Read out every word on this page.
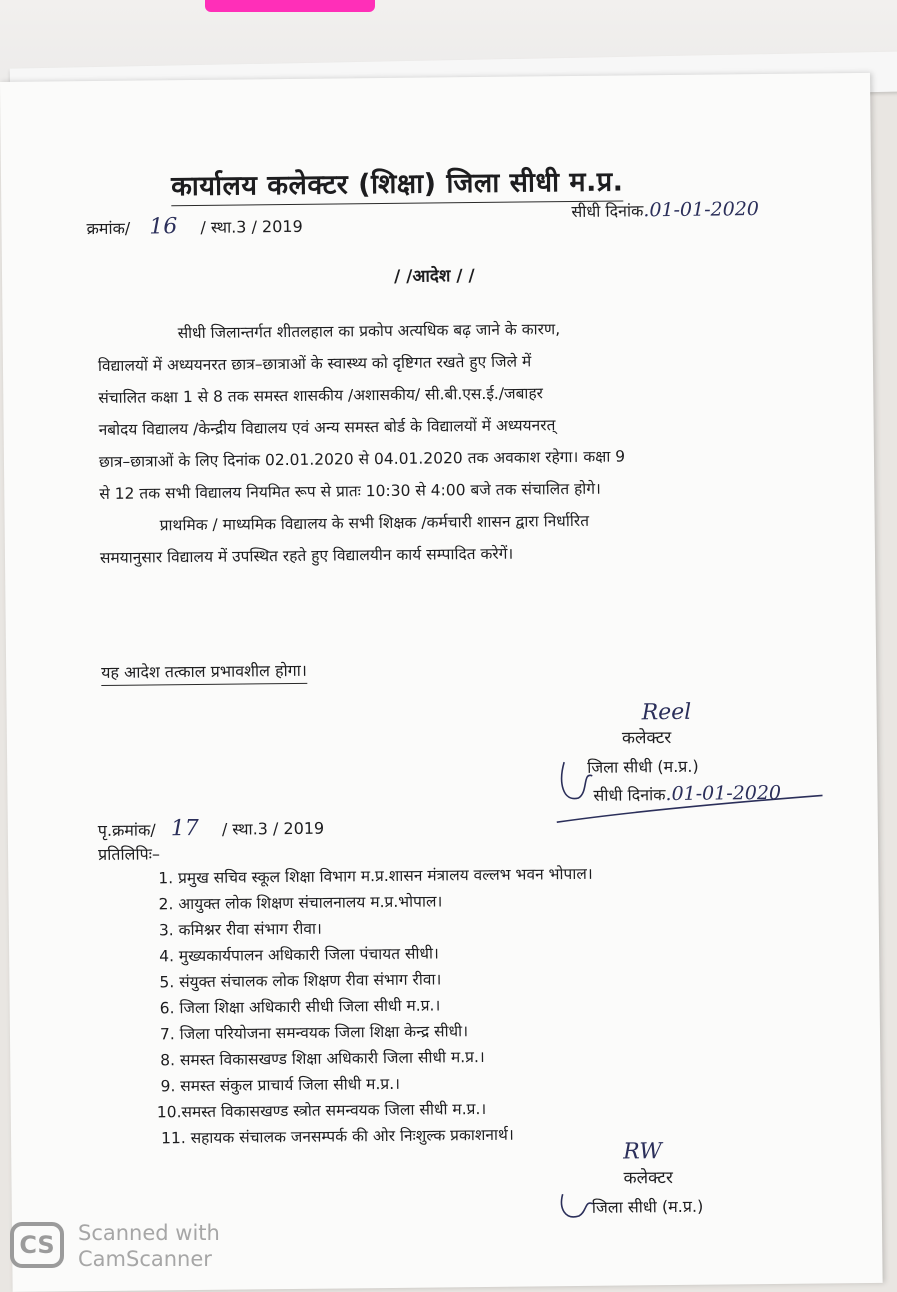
कार्यालय कलेक्टर (शिक्षा) जिला सीधी म.प्र.
क्रमांक/ 16 / स्था.3 / 2019
सीधी दिनांक.01-01-2020
/ /आदेश / /
सीधी जिलान्तर्गत शीतलहाल का प्रकोप अत्यधिक बढ़ जाने के कारण,
विद्यालयों में अध्ययनरत छात्र–छात्राओं के स्वास्थ्य को दृष्टिगत रखते हुए जिले में
संचालित कक्षा 1 से 8 तक समस्त शासकीय /अशासकीय/ सी.बी.एस.ई./जबाहर
नबोदय विद्यालय /केन्द्रीय विद्यालय एवं अन्य समस्त बोर्ड के विद्यालयों में अध्ययनरत्
छात्र–छात्राओं के लिए दिनांक 02.01.2020 से 04.01.2020 तक अवकाश रहेगा। कक्षा 9
से 12 तक सभी विद्यालय नियमित रूप से प्रातः 10:30 से 4:00 बजे तक संचालित होगे।
प्राथमिक / माध्यमिक विद्यालय के सभी शिक्षक /कर्मचारी शासन द्वारा निर्धारित
समयानुसार विद्यालय में उपस्थित रहते हुए विद्यालयीन कार्य सम्पादित करेगें।
यह आदेश तत्काल प्रभावशील होगा।
Reel
कलेक्टर
जिला सीधी (म.प्र.)
सीधी दिनांक.01-01-2020
पृ.क्रमांक/ 17 / स्था.3 / 2019
प्रतिलिपिः–
1. प्रमुख सचिव स्कूल शिक्षा विभाग म.प्र.शासन मंत्रालय वल्लभ भवन भोपाल।
2. आयुक्त लोक शिक्षण संचालनालय म.प्र.भोपाल।
3. कमिश्नर रीवा संभाग रीवा।
4. मुख्यकार्यपालन अधिकारी जिला पंचायत सीधी।
5. संयुक्त संचालक लोक शिक्षण रीवा संभाग रीवा।
6. जिला शिक्षा अधिकारी सीधी जिला सीधी म.प्र.।
7. जिला परियोजना समन्वयक जिला शिक्षा केन्द्र सीधी।
8. समस्त विकासखण्ड शिक्षा अधिकारी जिला सीधी म.प्र.।
9. समस्त संकुल प्राचार्य जिला सीधी म.प्र.।
10.समस्त विकासखण्ड स्त्रोत समन्वयक जिला सीधी म.प्र.।
11. सहायक संचालक जनसम्पर्क की ओर निःशुल्क प्रकाशनार्थ।
RW
कलेक्टर
जिला सीधी (म.प्र.)
CS	Scanned with
CamScanner
